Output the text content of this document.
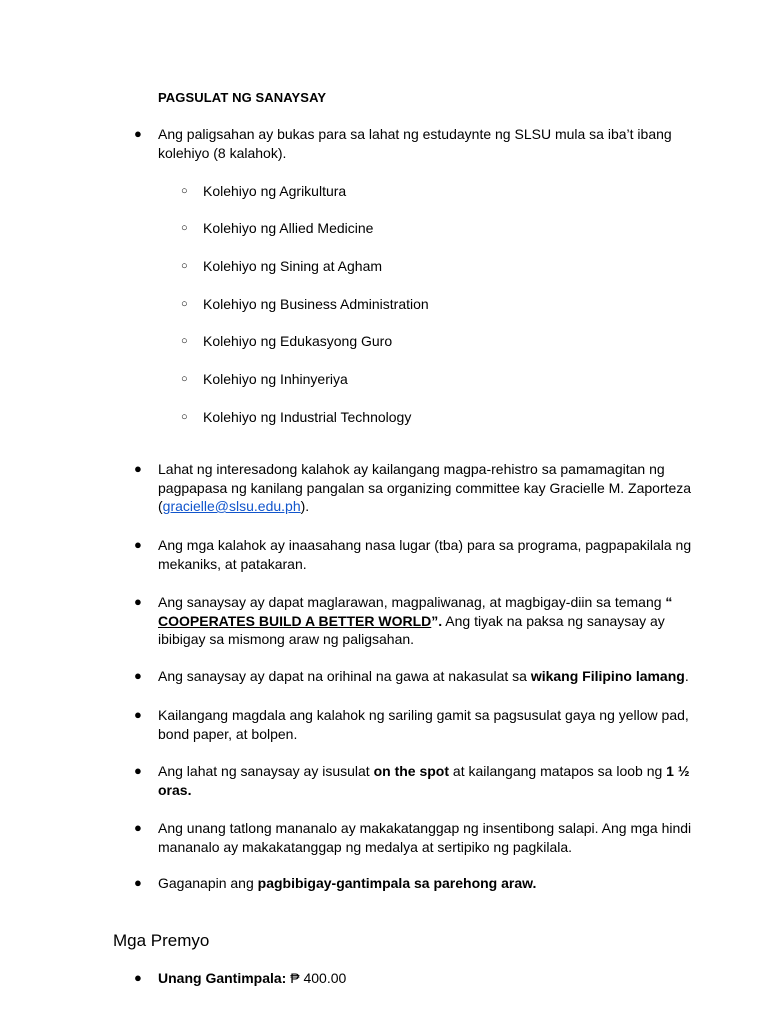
PAGSULAT NG SANAYSAY
● Ang paligsahan ay bukas para sa lahat ng estudaynte ng SLSU mula sa iba’t ibang kolehiyo (8 kalahok).
○ Kolehiyo ng Agrikultura
○ Kolehiyo ng Allied Medicine
○ Kolehiyo ng Sining at Agham
○ Kolehiyo ng Business Administration
○ Kolehiyo ng Edukasyong Guro
○ Kolehiyo ng Inhinyeriya
○ Kolehiyo ng Industrial Technology
● Lahat ng interesadong kalahok ay kailangang magpa-rehistro sa pamamagitan ng pagpapasa ng kanilang pangalan sa organizing committee kay Gracielle M. Zaporteza (gracielle@slsu.edu.ph).
● Ang mga kalahok ay inaasahang nasa lugar (tba) para sa programa, pagpapakilala ng mekaniks, at patakaran.
● Ang sanaysay ay dapat maglarawan, magpaliwanag, at magbigay-diin sa temang “ COOPERATES BUILD A BETTER WORLD”. Ang tiyak na paksa ng sanaysay ay ibibigay sa mismong araw ng paligsahan.
● Ang sanaysay ay dapat na orihinal na gawa at nakasulat sa wikang Filipino lamang.
● Kailangang magdala ang kalahok ng sariling gamit sa pagsusulat gaya ng yellow pad, bond paper, at bolpen.
● Ang lahat ng sanaysay ay isusulat on the spot at kailangang matapos sa loob ng 1 ½ oras.
● Ang unang tatlong mananalo ay makakatanggap ng insentibong salapi. Ang mga hindi mananalo ay makakatanggap ng medalya at sertipiko ng pagkilala.
● Gaganapin ang pagbibigay-gantimpala sa parehong araw.
Mga Premyo
● Unang Gantimpala: ₱ 400.00
